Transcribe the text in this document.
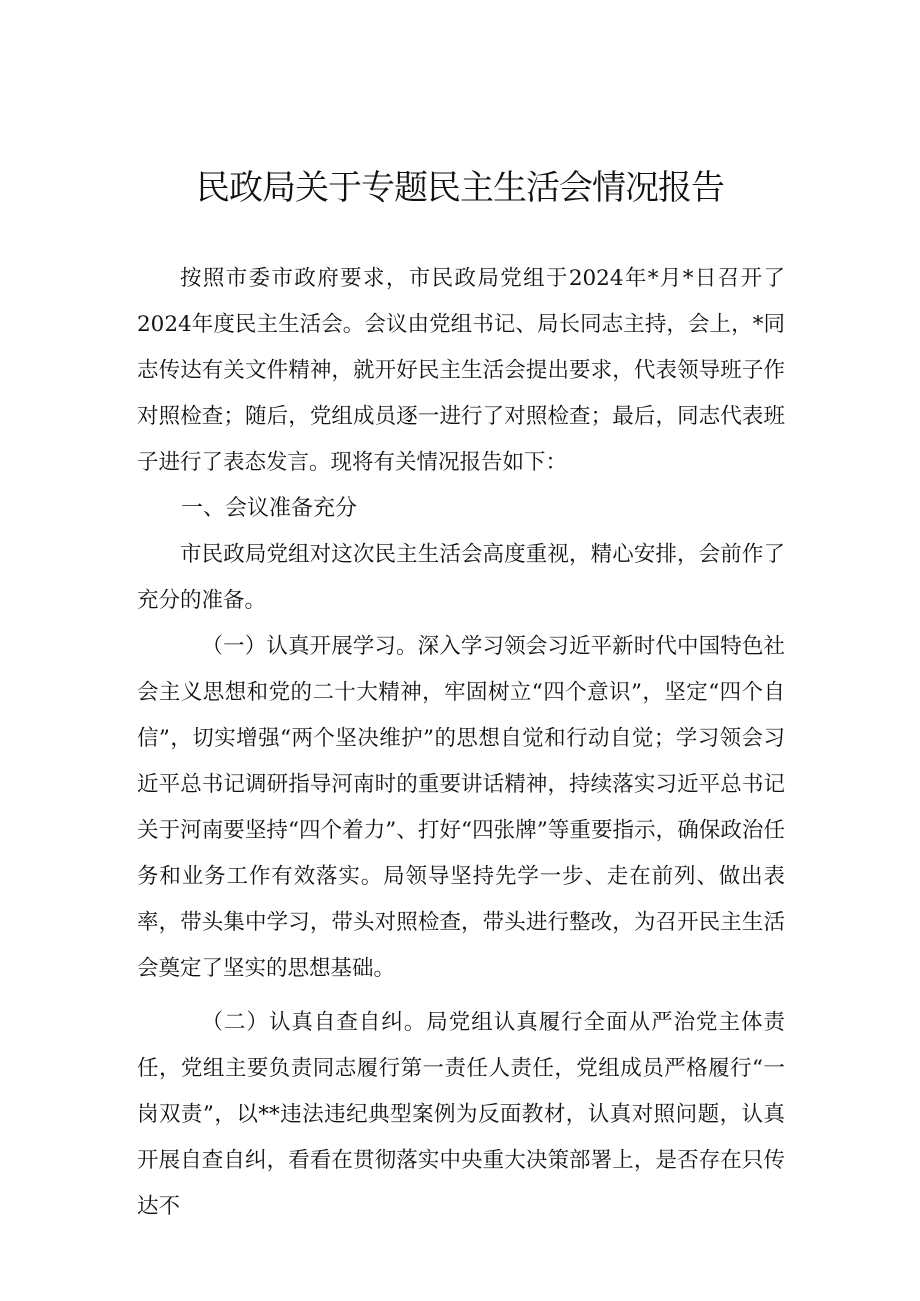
民政局关于专题民主生活会情况报告

按照市委市政府要求，市民政局党组于2024年*月*日召开了2024年度民主生活会。会议由党组书记、局长同志主持，会上，*同志传达有关文件精神，就开好民主生活会提出要求，代表领导班子作对照检查；随后，党组成员逐一进行了对照检查；最后，同志代表班子进行了表态发言。现将有关情况报告如下：

一、会议准备充分

市民政局党组对这次民主生活会高度重视，精心安排，会前作了充分的准备。

（一）认真开展学习。深入学习领会习近平新时代中国特色社会主义思想和党的二十大精神，牢固树立“四个意识”，坚定“四个自信”，切实增强“两个坚决维护”的思想自觉和行动自觉；学习领会习近平总书记调研指导河南时的重要讲话精神，持续落实习近平总书记关于河南要坚持“四个着力”、打好“四张牌”等重要指示，确保政治任务和业务工作有效落实。局领导坚持先学一步、走在前列、做出表率，带头集中学习，带头对照检查，带头进行整改，为召开民主生活会奠定了坚实的思想基础。

（二）认真自查自纠。局党组认真履行全面从严治党主体责任，党组主要负责同志履行第一责任人责任，党组成员严格履行“一岗双责”，以**违法违纪典型案例为反面教材，认真对照问题，认真开展自查自纠，看看在贯彻落实中央重大决策部署上，是否存在只传达不
